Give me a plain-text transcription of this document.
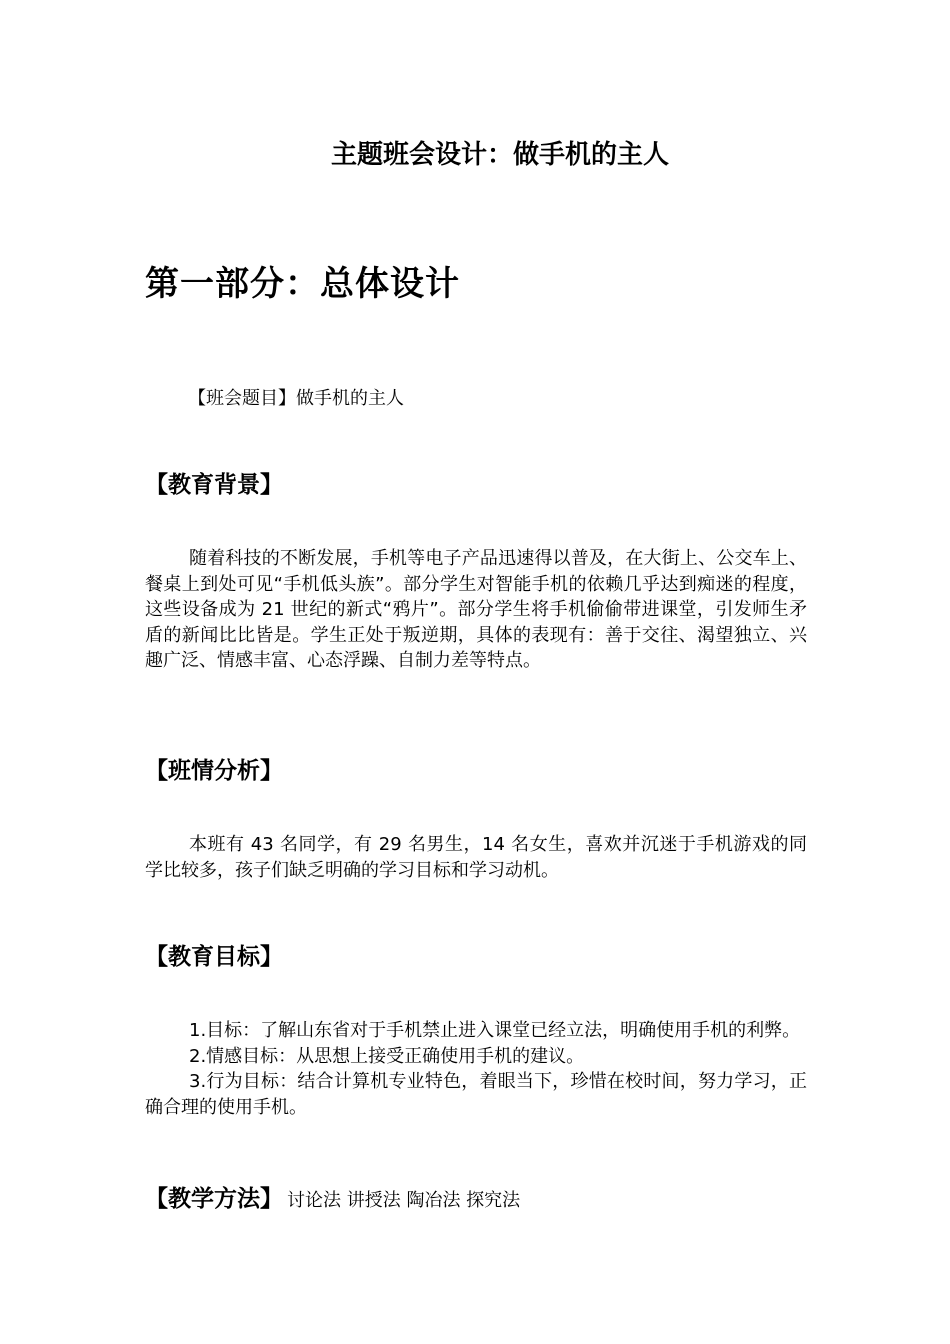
主题班会设计：做手机的主人
第一部分：总体设计
【班会题目】做手机的主人
【教育背景】

随着科技的不断发展，手机等电子产品迅速得以普及，在大街上、公交车上、餐桌上到处可见“手机低头族”。部分学生对智能手机的依赖几乎达到痴迷的程度，这些设备成为 21 世纪的新式“鸦片”。部分学生将手机偷偷带进课堂，引发师生矛盾的新闻比比皆是。学生正处于叛逆期，具体的表现有：善于交往、渴望独立、兴趣广泛、情感丰富、心态浮躁、自制力差等特点。

【班情分析】

本班有 43 名同学，有 29 名男生，14 名女生，喜欢并沉迷于手机游戏的同学比较多，孩子们缺乏明确的学习目标和学习动机。

【教育目标】

1.目标：了解山东省对于手机禁止进入课堂已经立法，明确使用手机的利弊。

2.情感目标：从思想上接受正确使用手机的建议。

3.行为目标：结合计算机专业特色，着眼当下，珍惜在校时间，努力学习，正确合理的使用手机。

【教学方法】 讨论法 讲授法 陶冶法 探究法
